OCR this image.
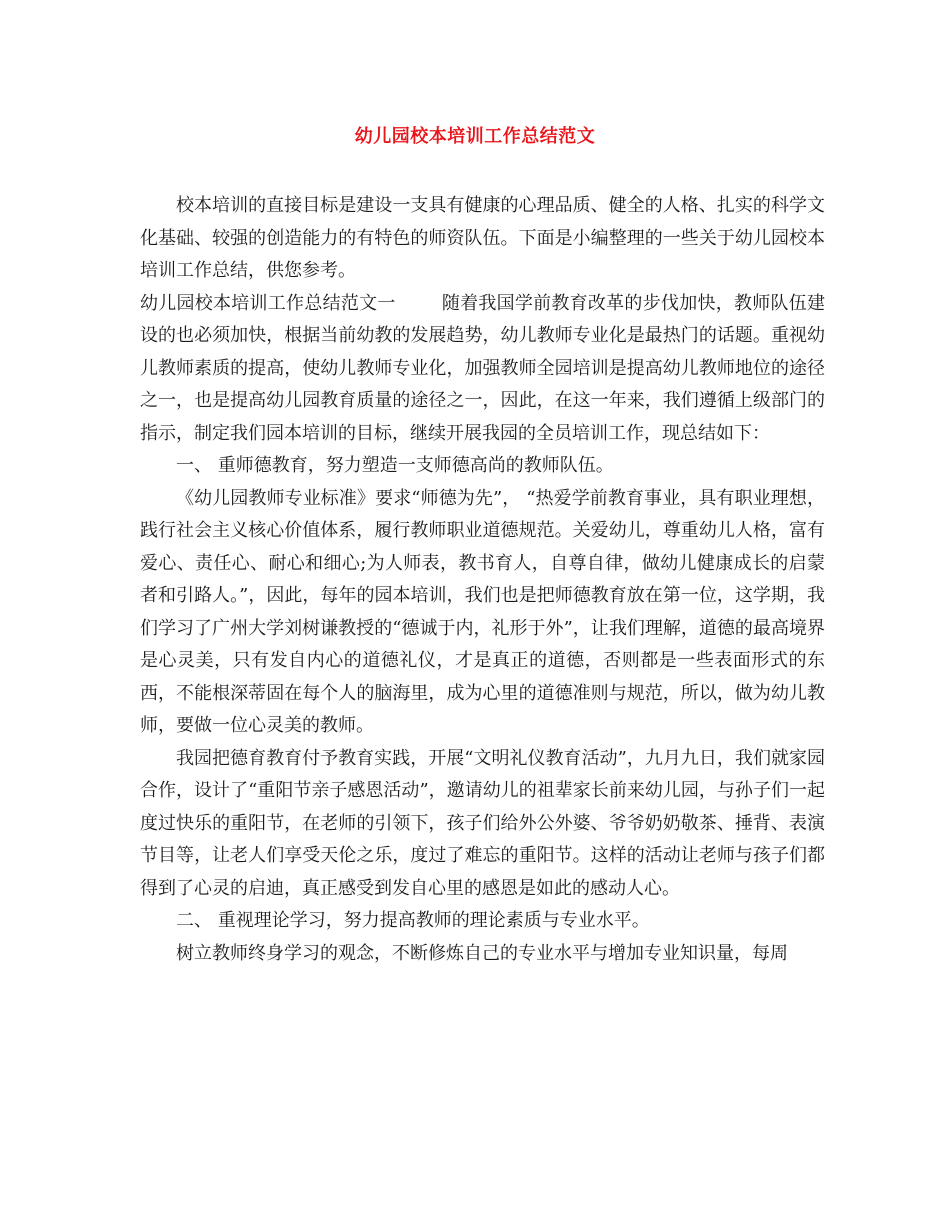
幼儿园校本培训工作总结范文

校本培训的直接目标是建设一支具有健康的心理品质、健全的人格、扎实的科学文化基础、较强的创造能力的有特色的师资队伍。下面是小编整理的一些关于幼儿园校本培训工作总结，供您参考。

幼儿园校本培训工作总结范文一	随着我国学前教育改革的步伐加快，教师队伍建设的也必须加快，根据当前幼教的发展趋势，幼儿教师专业化是最热门的话题。重视幼儿教师素质的提高，使幼儿教师专业化，加强教师全园培训是提高幼儿教师地位的途径之一，也是提高幼儿园教育质量的途径之一，因此，在这一年来，我们遵循上级部门的指示，制定我们园本培训的目标，继续开展我园的全员培训工作，现总结如下：

一、 重师德教育，努力塑造一支师德高尚的教师队伍。

《幼儿园教师专业标准》要求“师德为先”， “热爱学前教育事业，具有职业理想，践行社会主义核心价值体系，履行教师职业道德规范。关爱幼儿，尊重幼儿人格，富有爱心、责任心、耐心和细心;为人师表，教书育人，自尊自律，做幼儿健康成长的启蒙者和引路人。”，因此，每年的园本培训，我们也是把师德教育放在第一位，这学期，我们学习了广州大学刘树谦教授的“德诚于内，礼形于外”，让我们理解，道德的最高境界是心灵美，只有发自内心的道德礼仪，才是真正的道德，否则都是一些表面形式的东西，不能根深蒂固在每个人的脑海里，成为心里的道德准则与规范，所以，做为幼儿教师，要做一位心灵美的教师。

我园把德育教育付予教育实践，开展“文明礼仪教育活动”，九月九日，我们就家园合作，设计了“重阳节亲子感恩活动”，邀请幼儿的祖辈家长前来幼儿园，与孙子们一起度过快乐的重阳节，在老师的引领下，孩子们给外公外婆、爷爷奶奶敬茶、捶背、表演节目等，让老人们享受天伦之乐，度过了难忘的重阳节。这样的活动让老师与孩子们都得到了心灵的启迪，真正感受到发自心里的感恩是如此的感动人心。

二、 重视理论学习，努力提高教师的理论素质与专业水平。

树立教师终身学习的观念，不断修炼自己的专业水平与增加专业知识量，每周
